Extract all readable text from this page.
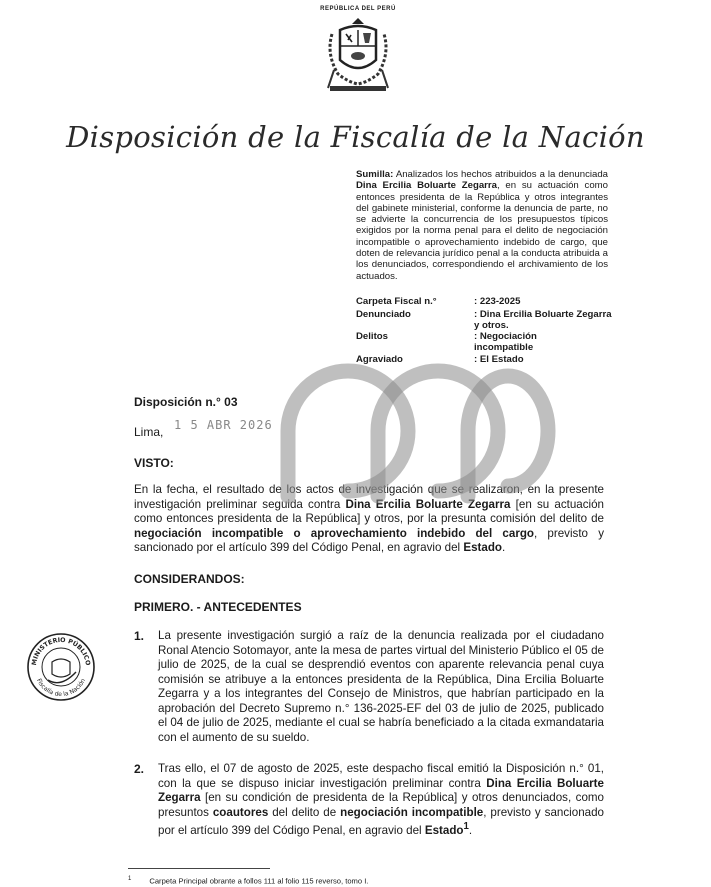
REPÚBLICA DEL PERÚ
Disposición de la Fiscalía de la Nación
Sumilla: Analizados los hechos atribuidos a la denunciada Dina Ercilia Boluarte Zegarra, en su actuación como entonces presidenta de la República y otros integrantes del gabinete ministerial, conforme la denuncia de parte, no se advierte la concurrencia de los presupuestos típicos exigidos por la norma penal para el delito de negociación incompatible o aprovechamiento indebido de cargo, que doten de relevancia jurídico penal a la conducta atribuida a los denunciados, correspondiendo el archivamiento de los actuados.
Carpeta Fiscal n.°	: 223-2025
Denunciado	: Dina Ercilia Boluarte Zegarra y otros.
Delitos	: Negociación incompatible
Agraviado	: El Estado
Disposición n.° 03
Lima, 1 5 ABR 2026
VISTO:
En la fecha, el resultado de los actos de investigación que se realizaron, en la presente investigación preliminar seguida contra Dina Ercilia Boluarte Zegarra [en su actuación como entonces presidenta de la República] y otros, por la presunta comisión del delito de negociación incompatible o aprovechamiento indebido del cargo, previsto y sancionado por el artículo 399 del Código Penal, en agravio del Estado.
CONSIDERANDOS:
PRIMERO. - ANTECEDENTES
1. La presente investigación surgió a raíz de la denuncia realizada por el ciudadano Ronal Atencio Sotomayor, ante la mesa de partes virtual del Ministerio Público el 05 de julio de 2025, de la cual se desprendió eventos con aparente relevancia penal cuya comisión se atribuye a la entonces presidenta de la República, Dina Ercilia Boluarte Zegarra y a los integrantes del Consejo de Ministros, que habrían participado en la aprobación del Decreto Supremo n.° 136-2025-EF del 03 de julio de 2025, publicado el 04 de julio de 2025, mediante el cual se habría beneficiado a la citada exmandataria con el aumento de su sueldo.
2. Tras ello, el 07 de agosto de 2025, este despacho fiscal emitió la Disposición n.° 01, con la que se dispuso iniciar investigación preliminar contra Dina Ercilia Boluarte Zegarra [en su condición de presidenta de la República] y otros denunciados, como presuntos coautores del delito de negociación incompatible, previsto y sancionado por el artículo 399 del Código Penal, en agravio del Estado$^1$.
$^1$ Carpeta Principal obrante a follos 111 al folio 115 reverso, tomo I.
MINISTERIO PÚBLICO
Fiscalía de la Nación
